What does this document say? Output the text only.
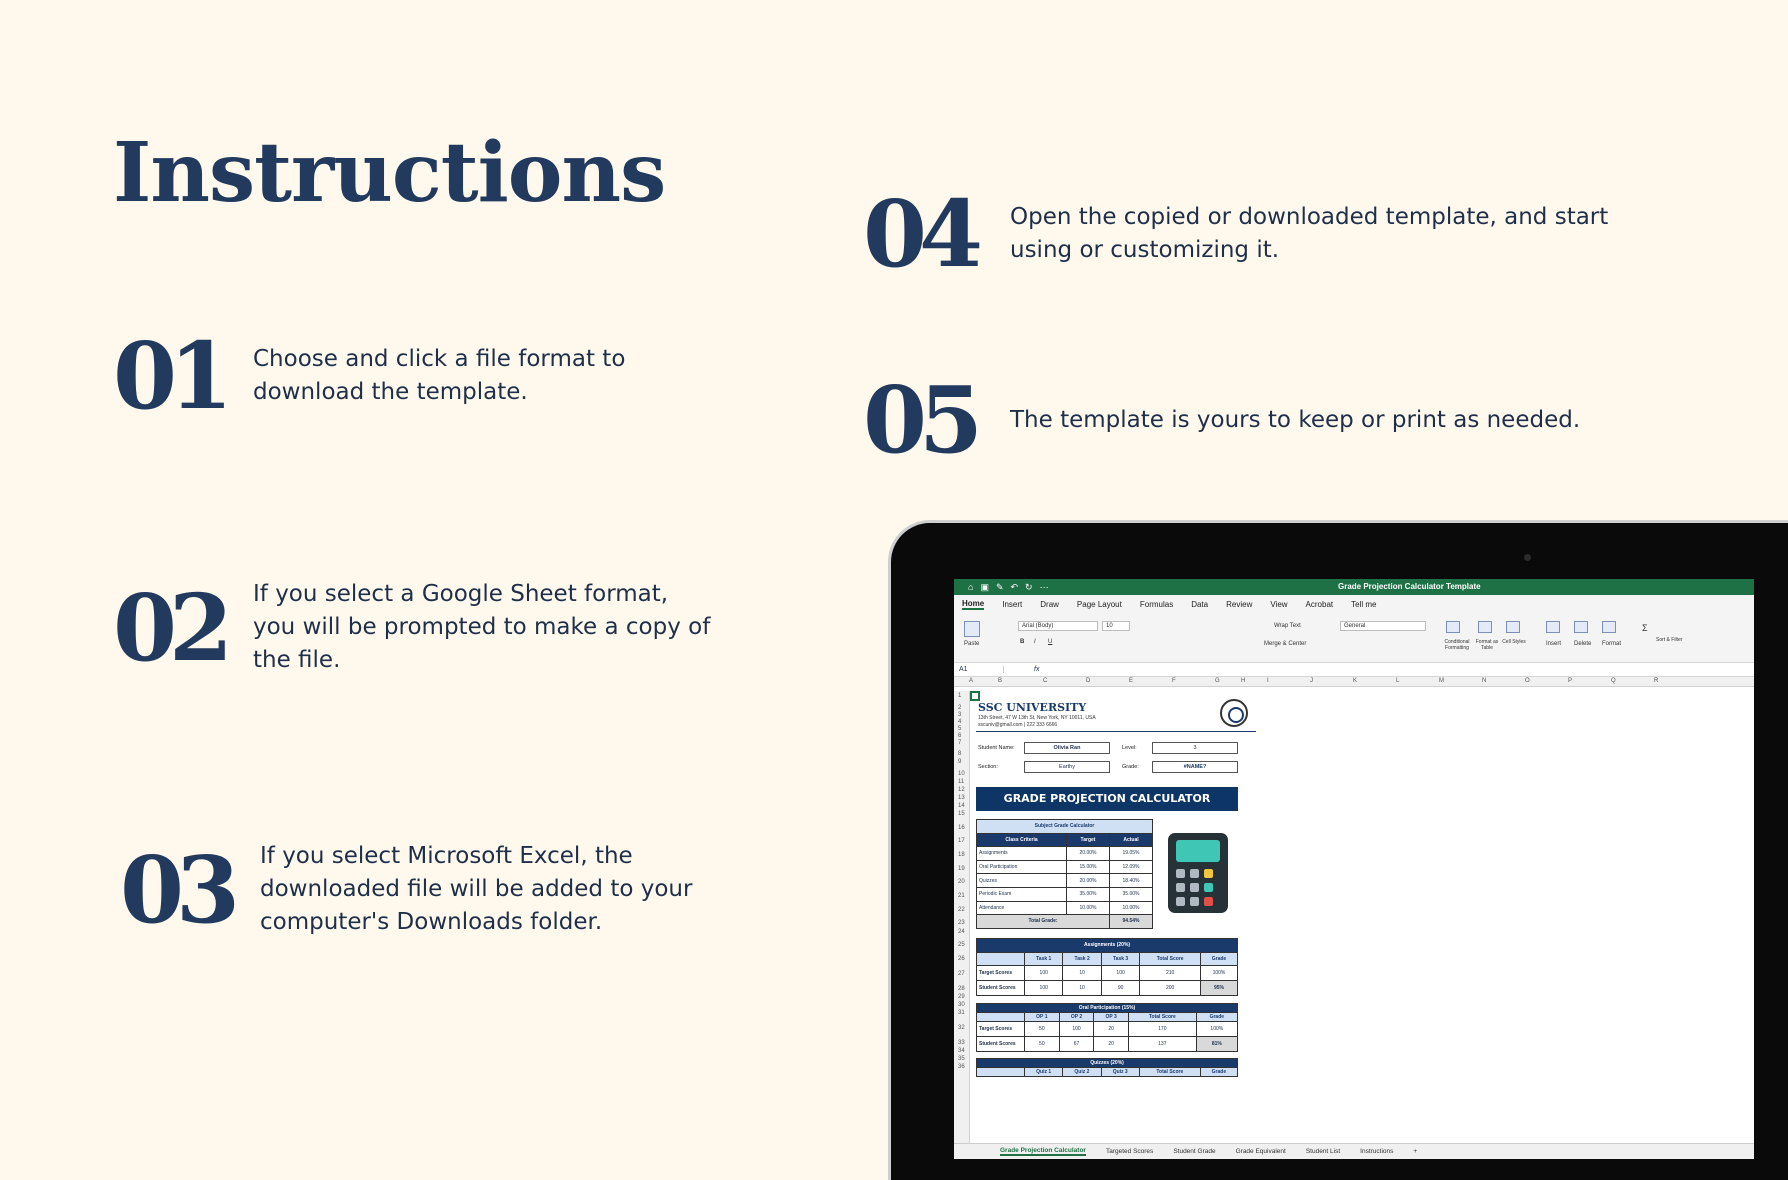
Instructions
01	Choose and click a file format to download the template.
02	If you select a Google Sheet format, you will be prompted to make a copy of the file.
03	If you select Microsoft Excel, the downloaded file will be added to your computer's Downloads folder.
04	Open the copied or downloaded template, and start using or customizing it.
05	The template is yours to keep or print as needed.
⌂ ▣ ✎ ↶ ↻ ⋯	Grade Projection Calculator Template
Home Insert Draw Page Layout Formulas Data Review View Acrobat Tell me
Paste
Arial (Body)	10
B I U
Wrap Text
Merge & Center
General
Conditional Formatting
Format as Table
Cell Styles	Insert Delete Format
Σ
Sort & Filter
A1	fx
A	B	C	D	E	F	G	H	I	J	K	L	M	N	O	P	Q	R
1
2
3
4
5
6
7
8
9
10
11
12
13
14
15
16
17
18
19
20
21
22
23
24
25
26
27
28
29
30
31
32
33
34
35
36
SSC UNIVERSITY
13th Street, 47 W 13th St, New York, NY 10011, USA
sscuniv@gmail.com | 222 333 6666
Student Name:	Olivia Ran	Level:	3
Section:	Earthy	Grade:	#NAME?
GRADE PROJECTION CALCULATOR
Subject Grade Calculator		
Class Criteria	Target	Actual
Assignments	20.00%	19.05%
Oral Participation	15.00%	12.09%
Quizzes	20.00%	18.40%
Periodic Exam	35.00%	35.00%
Attendance	10.00%	10.00%
Total Grade:		94.54%
Assignments (20%)					
	Task 1	Task 2	Task 3	Total Score	Grade
Target Scores	100	10	100	210	100%
Student Scores	100	10	90	200	95%
Oral Participation (15%)					
	OP 1	OP 2	OP 3	Total Score	Grade
Target Scores	50	100	20	170	100%
Student Scores	50	67	20	137	81%
Quizzes (20%)
	Quiz 1	Quiz 2	Quiz 3	Total Score	Grade
Grade Projection Calculator	Targeted Scores	Student Grade	Grade Equivalent	Student List	Instructions	+
